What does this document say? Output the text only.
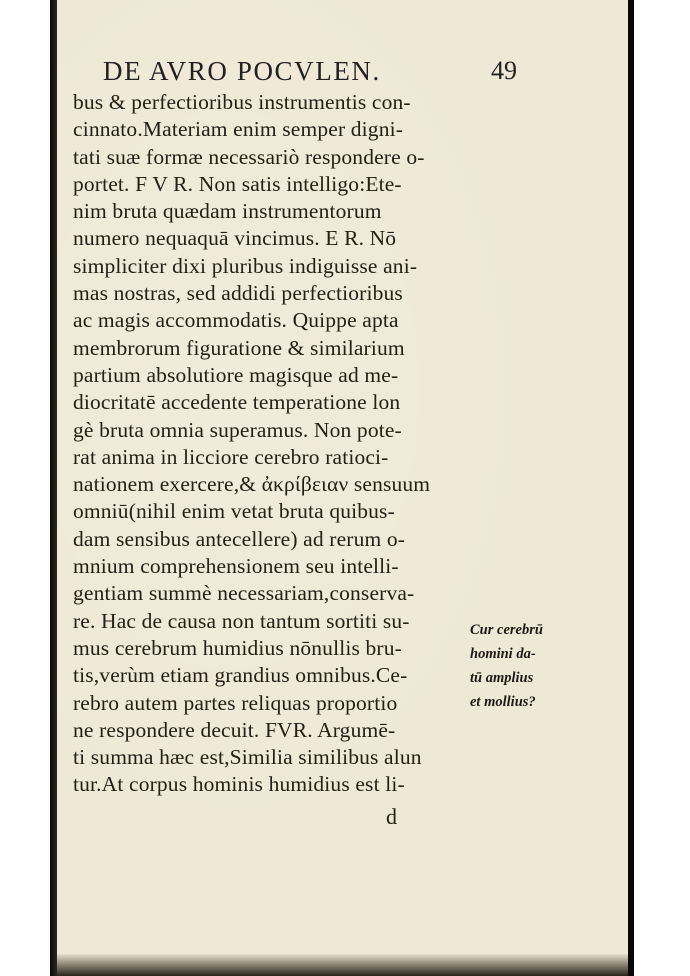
DE AVRO POCVLEN.	49
bus & perfectioribus instrumentis con-
cinnato.Materiam enim semper digni-
tati suæ formæ necessariò respondere o-
portet. F V R. Non satis intelligo:Ete-
nim bruta quædam instrumentorum
numero nequaquā vincimus. E R. Nō
simpliciter dixi pluribus indiguisse ani-
mas nostras, sed addidi perfectioribus
ac magis accommodatis. Quippe apta
membrorum figuratione & similarium
partium absolutiore magisque ad me-
diocritatē accedente temperatione lon
gè bruta omnia superamus. Non pote-
rat anima in licciore cerebro ratioci-
nationem exercere,& ἀκρίβειαν sensuum
omniū(nihil enim vetat bruta quibus-
dam sensibus antecellere) ad rerum o-
mnium comprehensionem seu intelli-
gentiam summè necessariam,conserva-
re. Hac de causa non tantum sortiti su-
mus cerebrum humidius nōnullis bru-
tis,verùm etiam grandius omnibus.Ce-
rebro autem partes reliquas proportio
ne respondere decuit. FVR. Argumē-
ti summa hæc est,Similia similibus alun
tur.At corpus hominis humidius est li-
Cur cerebrū
homini da-
tū amplius
et mollius?
d
